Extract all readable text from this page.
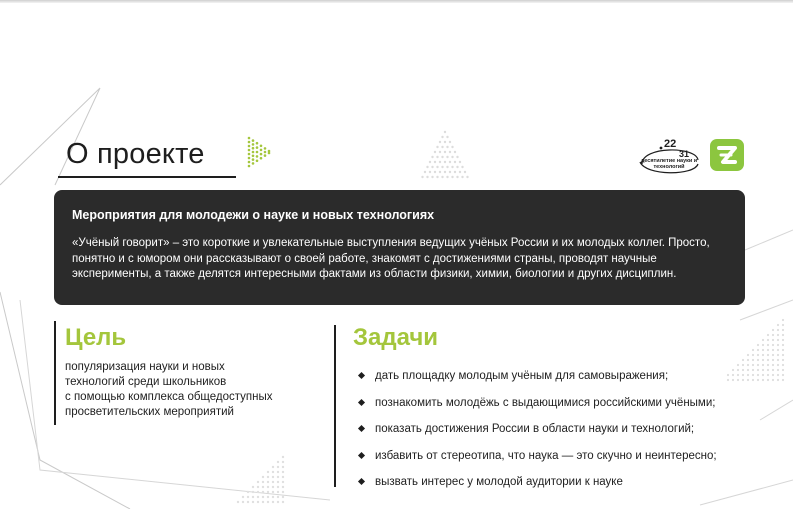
О проекте	22
31
десятилетие науки и технологий
Мероприятия для молодежи о науке и новых технологиях
«Учёный говорит» – это короткие и увлекательные выступления ведущих учёных России и их молодых коллег. Просто, понятно и с юмором они рассказывают о своей работе, знакомят с достижениями страны, проводят научные эксперименты, а также делятся интересными фактами из области физики, химии, биологии и других дисциплин.
Цель
популяризация науки и новых
технологий среди школьников
с помощью комплекса общедоступных
просветительских мероприятий
Задачи
дать площадку молодым учёным для самовыражения;
познакомить молодёжь с выдающимися российскими учёными;
показать достижения России в области науки и технологий;
избавить от стереотипа, что наука — это скучно и неинтересно;
вызвать интерес у молодой аудитории к науке
